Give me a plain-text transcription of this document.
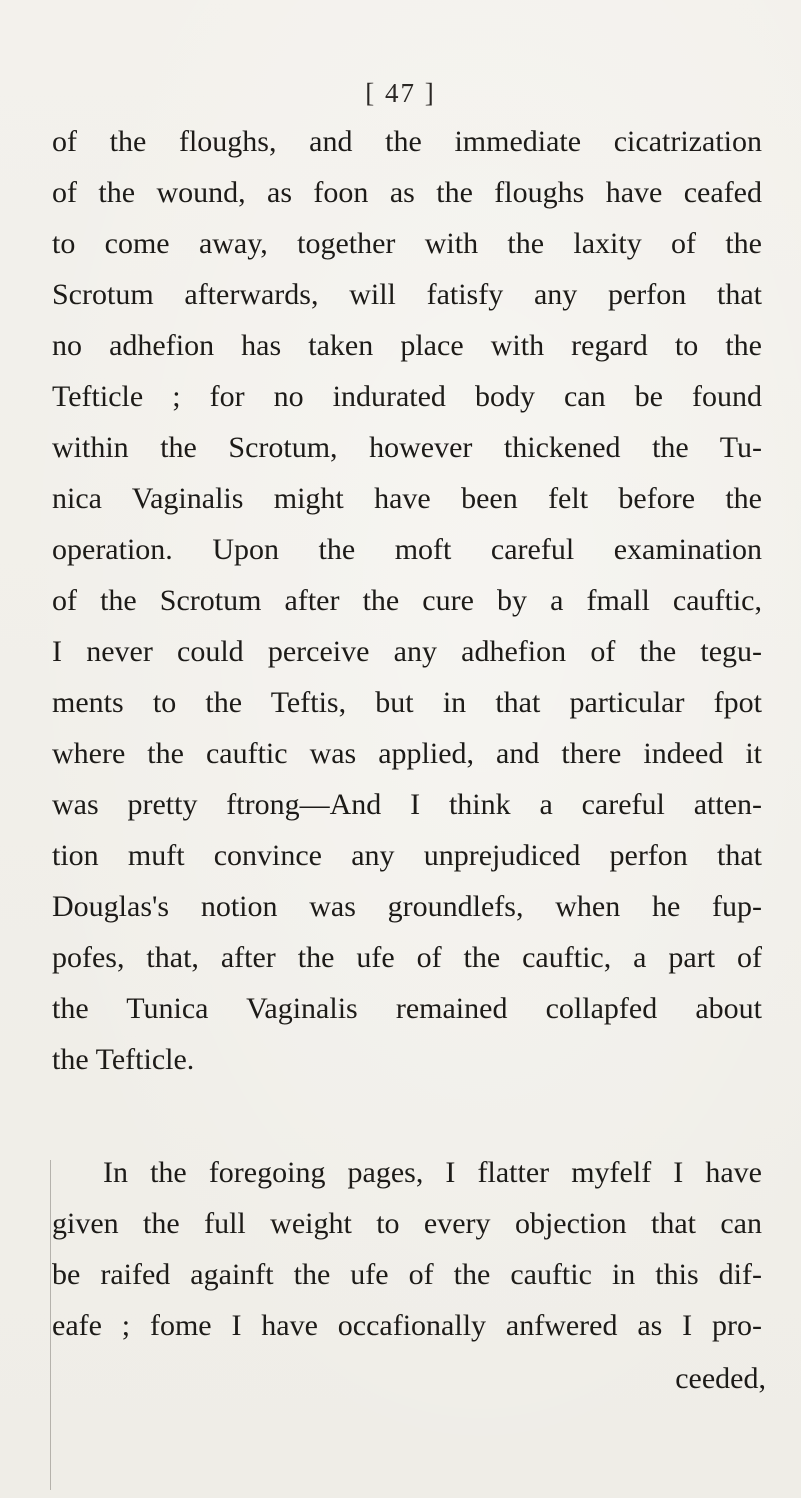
[ 47 ]
of the floughs, and the immediate cicatrization
of the wound, as foon as the floughs have ceafed
to come away, together with the laxity of the
Scrotum afterwards, will fatisfy any perfon that
no adhefion has taken place with regard to the
Tefticle ; for no indurated body can be found
within the Scrotum, however thickened the Tu-
nica Vaginalis might have been felt before the
operation. Upon the moft careful examination
of the Scrotum after the cure by a fmall cauftic,
I never could perceive any adhefion of the tegu-
ments to the Teftis, but in that particular fpot
where the cauftic was applied, and there indeed it
was pretty ftrong—And I think a careful atten-
tion muft convince any unprejudiced perfon that
Douglas's notion was groundlefs, when he fup-
pofes, that, after the ufe of the cauftic, a part of
the Tunica Vaginalis remained collapfed about
the Tefticle.
In the foregoing pages, I flatter myfelf I have
given the full weight to every objection that can
be raifed againft the ufe of the cauftic in this dif-
eafe ; fome I have occafionally anfwered as I pro-
ceeded,
